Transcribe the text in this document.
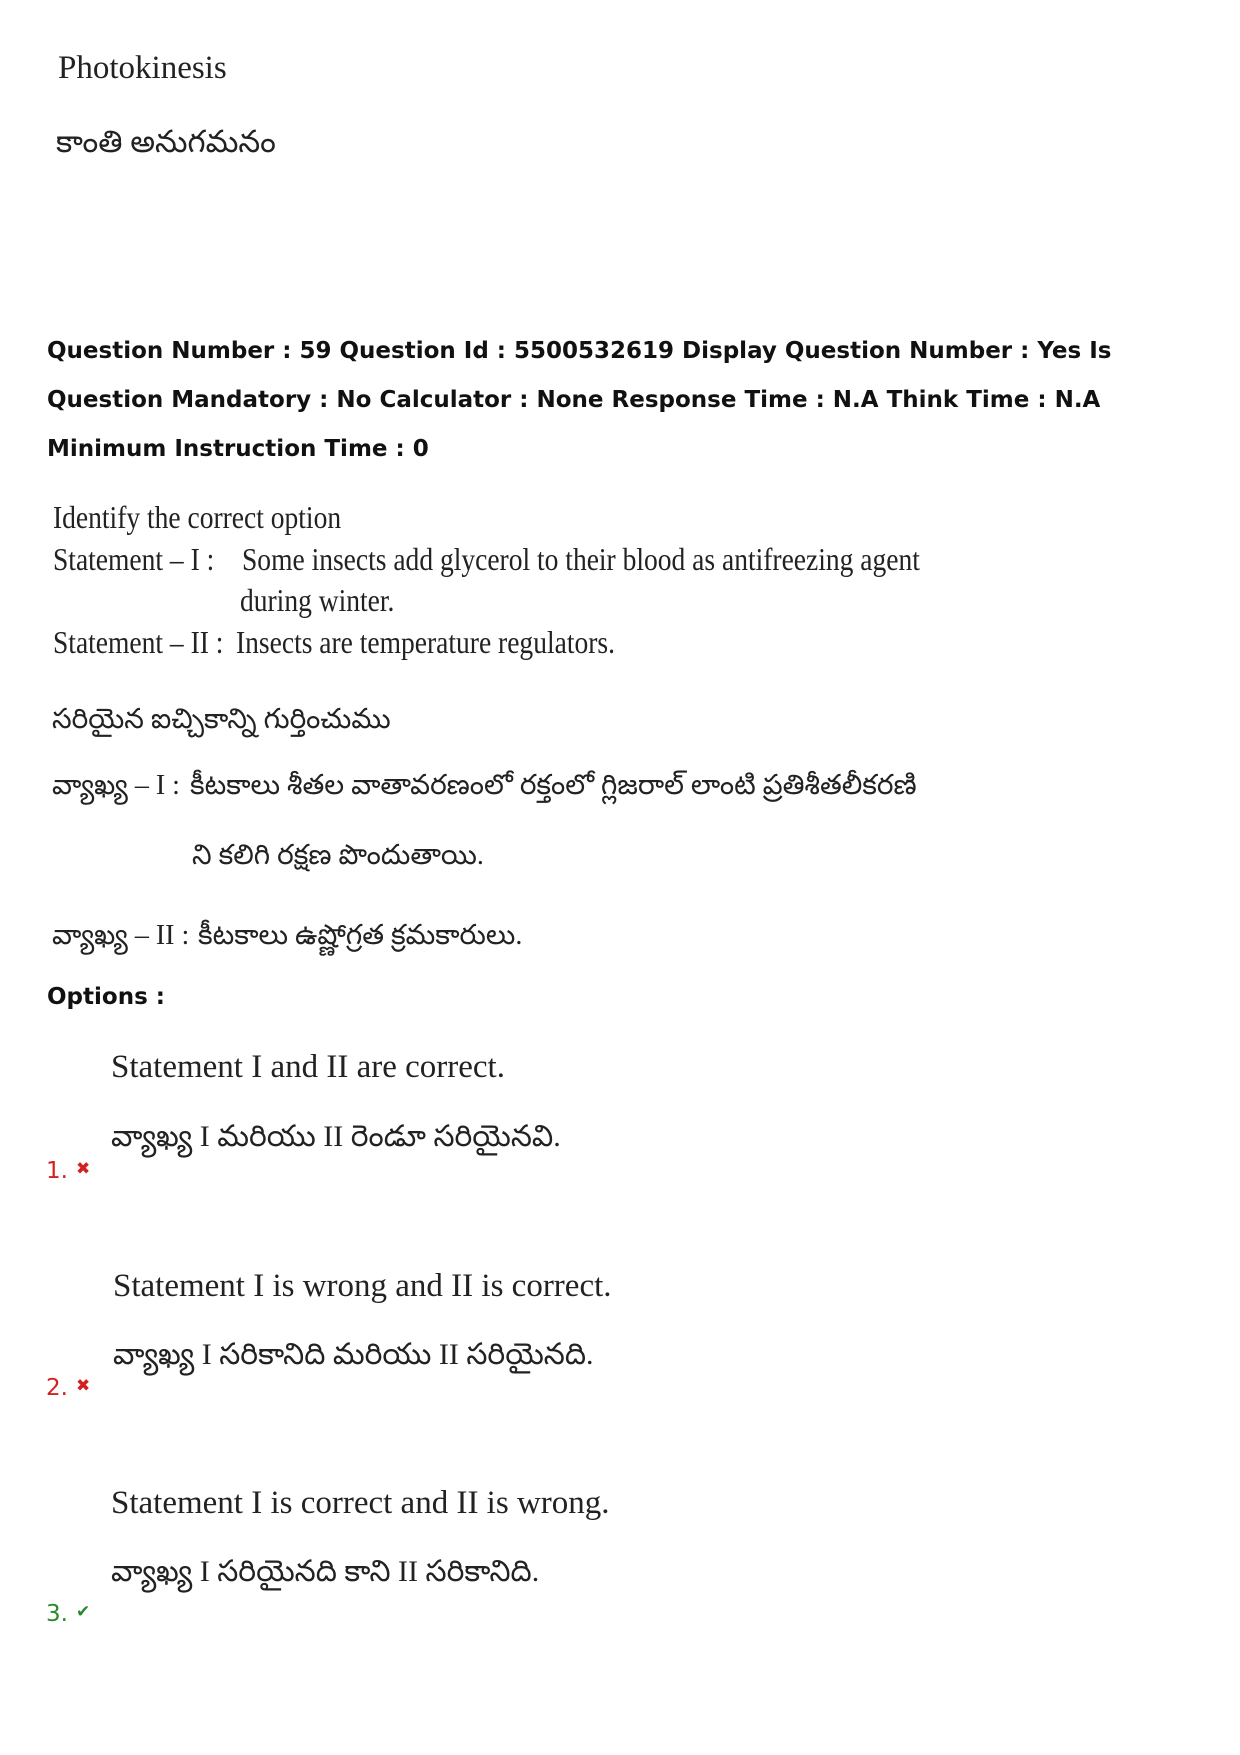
Photokinesis
కాంతి అనుగమనం
Question Number : 59 Question Id : 5500532619 Display Question Number : Yes Is Question Mandatory : No Calculator : None Response Time : N.A Think Time : N.A Minimum Instruction Time : 0
Identify the correct option
Statement – I : Some insects add glycerol to their blood as antifreezing agent
during winter.
Statement – II : Insects are temperature regulators.
సరియైన ఐచ్చికాన్ని గుర్తించుము
వ్యాఖ్య – I : కీటకాలు శీతల వాతావరణంలో రక్తంలో గ్లిజరాల్ లాంటి ప్రతిశీతలీకరణి
ని కలిగి రక్షణ పొందుతాయి.
వ్యాఖ్య – II : కీటకాలు ఉష్ణోగ్రత క్రమకారులు.
Options :
Statement I and II are correct.
వ్యాఖ్య I మరియు II రెండూ సరియైనవి.
1. ✖
Statement I is wrong and II is correct.
వ్యాఖ్య I సరికానిది మరియు II సరియైనది.
2. ✖
Statement I is correct and II is wrong.
వ్యాఖ్య I సరియైనది కాని II సరికానిది.
3. ✔
